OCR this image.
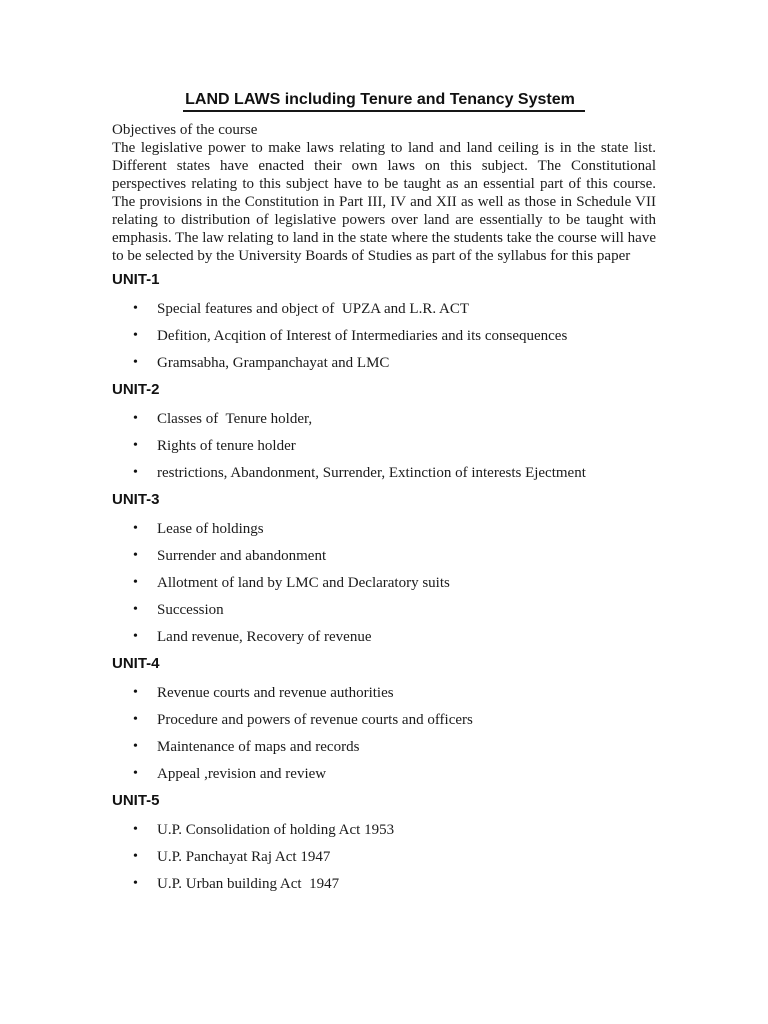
LAND LAWS including Tenure and Tenancy System

Objectives of the course

The legislative power to make laws relating to land and land ceiling is in the state list. Different states have enacted their own laws on this subject. The Constitutional perspectives relating to this subject have to be taught as an essential part of this course. The provisions in the Constitution in Part III, IV and XII as well as those in Schedule VII relating to distribution of legislative powers over land are essentially to be taught with emphasis. The law relating to land in the state where the students take the course will have to be selected by the University Boards of Studies as part of the syllabus for this paper

UNIT-1
•	Special features and object of  UPZA and L.R. ACT
•	Defition, Acqition of Interest of Intermediaries and its consequences
•	Gramsabha, Grampanchayat and LMC
UNIT-2
•	Classes of  Tenure holder,
•	Rights of tenure holder
•	restrictions, Abandonment, Surrender, Extinction of interests Ejectment
UNIT-3
•	Lease of holdings
•	Surrender and abandonment
•	Allotment of land by LMC and Declaratory suits
•	Succession
•	Land revenue, Recovery of revenue
UNIT-4
•	Revenue courts and revenue authorities
•	Procedure and powers of revenue courts and officers
•	Maintenance of maps and records
•	Appeal ,revision and review
UNIT-5
•	U.P. Consolidation of holding Act 1953
•	U.P. Panchayat Raj Act 1947
•	U.P. Urban building Act  1947
